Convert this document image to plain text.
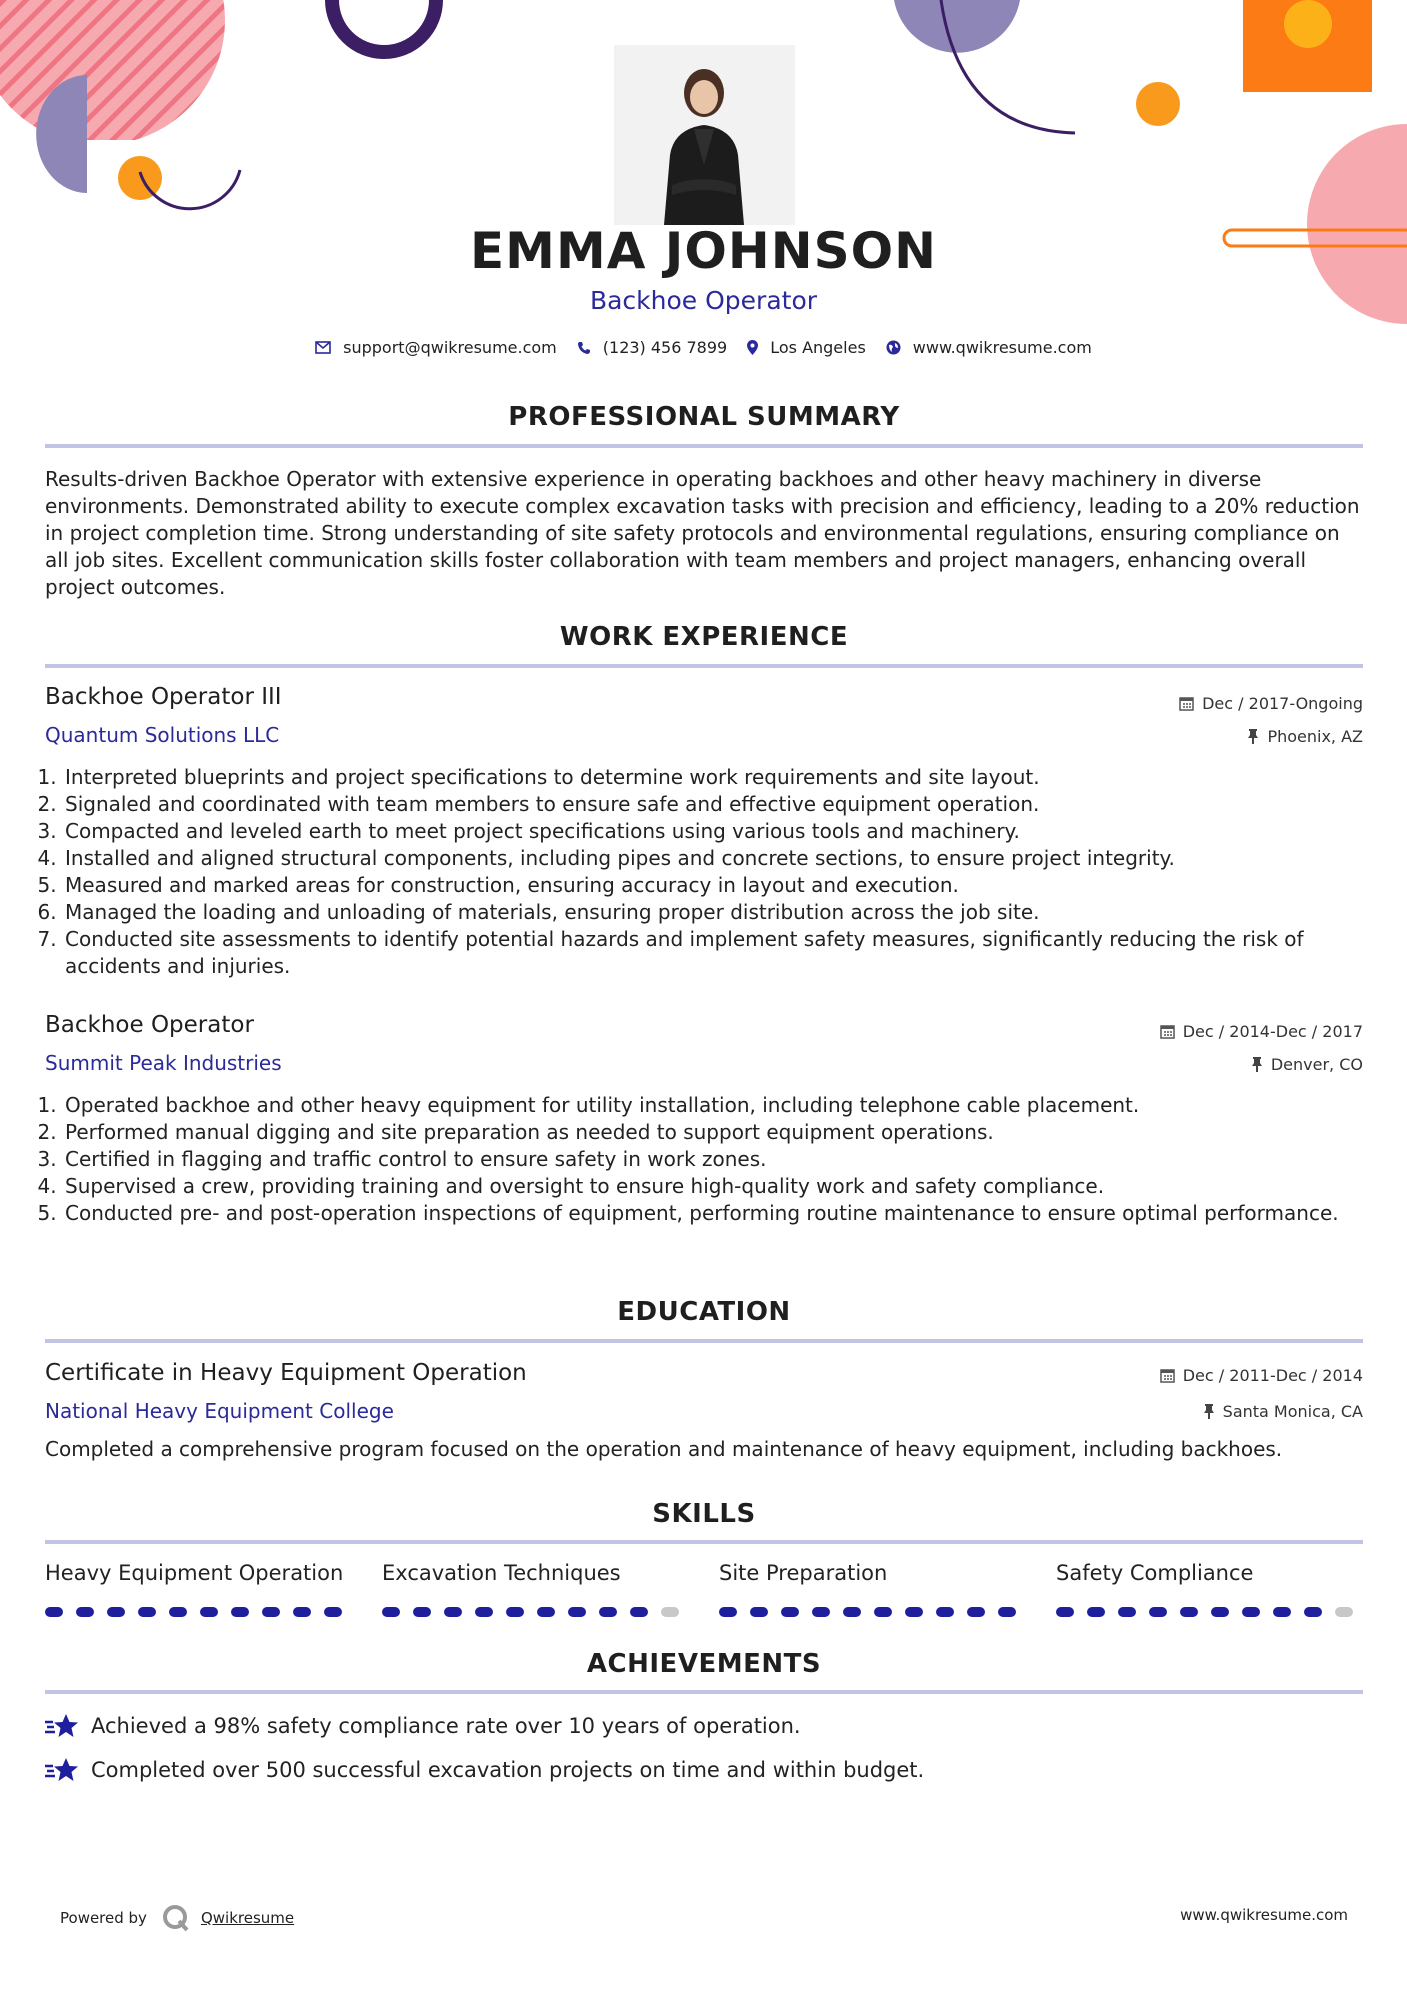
EMMA JOHNSON
Backhoe Operator
support@qwikresume.com	(123) 456 7899	Los Angeles	www.qwikresume.com
PROFESSIONAL SUMMARY
Results-driven Backhoe Operator with extensive experience in operating backhoes and other heavy machinery in diverse environments. Demonstrated ability to execute complex excavation tasks with precision and efficiency, leading to a 20% reduction in project completion time. Strong understanding of site safety protocols and environmental regulations, ensuring compliance on all job sites. Excellent communication skills foster collaboration with team members and project managers, enhancing overall project outcomes.
WORK EXPERIENCE
Backhoe Operator III
Quantum Solutions LLC
Dec / 2017-Ongoing
Phoenix, AZ
1. Interpreted blueprints and project specifications to determine work requirements and site layout.
2. Signaled and coordinated with team members to ensure safe and effective equipment operation.
3. Compacted and leveled earth to meet project specifications using various tools and machinery.
4. Installed and aligned structural components, including pipes and concrete sections, to ensure project integrity.
5. Measured and marked areas for construction, ensuring accuracy in layout and execution.
6. Managed the loading and unloading of materials, ensuring proper distribution across the job site.
7. Conducted site assessments to identify potential hazards and implement safety measures, significantly reducing the risk of accidents and injuries.
Backhoe Operator
Summit Peak Industries
Dec / 2014-Dec / 2017
Denver, CO
1. Operated backhoe and other heavy equipment for utility installation, including telephone cable placement.
2. Performed manual digging and site preparation as needed to support equipment operations.
3. Certified in flagging and traffic control to ensure safety in work zones.
4. Supervised a crew, providing training and oversight to ensure high-quality work and safety compliance.
5. Conducted pre- and post-operation inspections of equipment, performing routine maintenance to ensure optimal performance.
EDUCATION
Certificate in Heavy Equipment Operation
National Heavy Equipment College
Dec / 2011-Dec / 2014
Santa Monica, CA
Completed a comprehensive program focused on the operation and maintenance of heavy equipment, including backhoes.
SKILLS
Heavy Equipment Operation	Excavation Techniques	Site Preparation	Safety Compliance
ACHIEVEMENTS
Achieved a 98% safety compliance rate over 10 years of operation.
Completed over 500 successful excavation projects on time and within budget.
Powered by	Qwikresume	www.qwikresume.com
